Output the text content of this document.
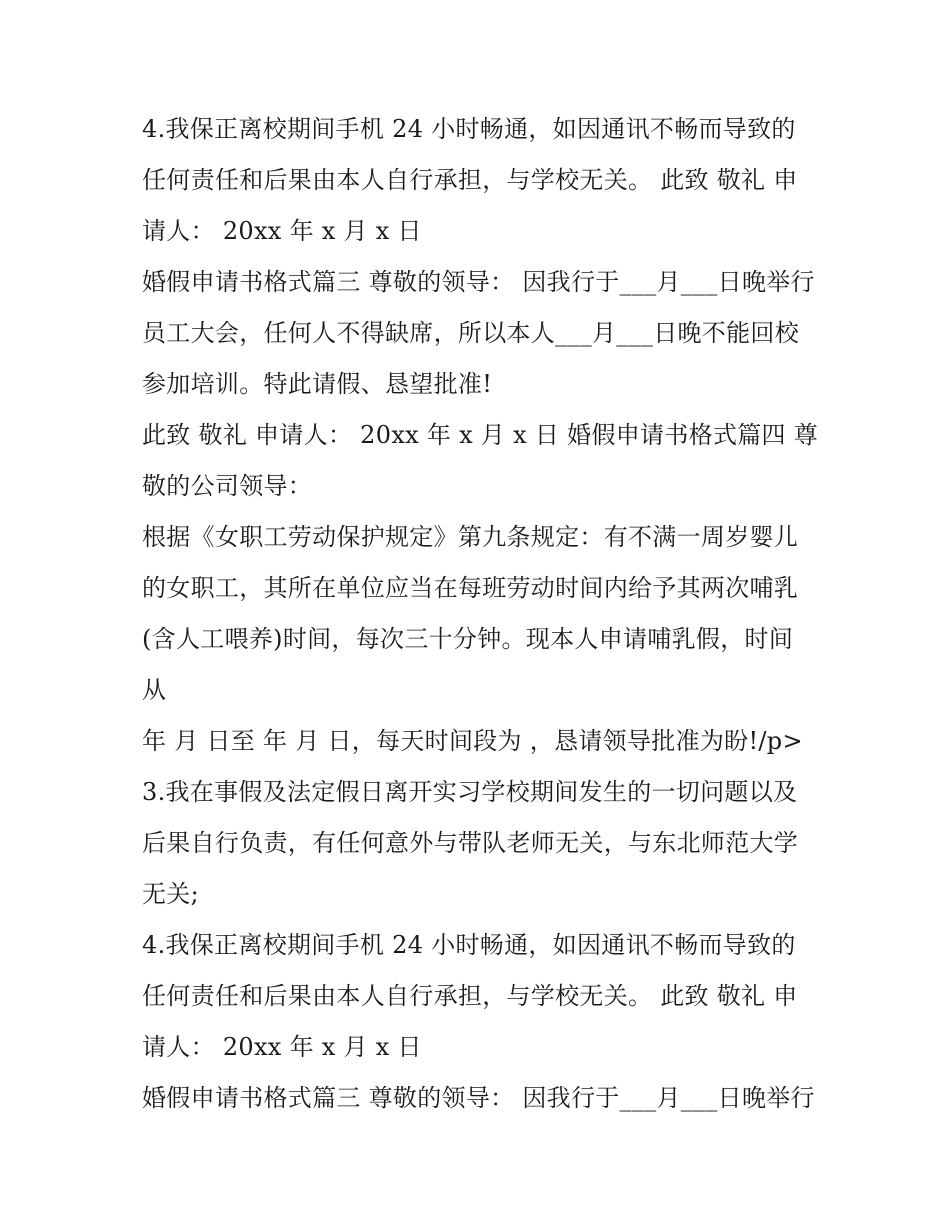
4.我保正离校期间手机 24 小时畅通，如因通讯不畅而导致的
任何责任和后果由本人自行承担，与学校无关。 此致 敬礼 申
请人： 20xx 年 x 月 x 日
婚假申请书格式篇三 尊敬的领导： 因我行于___月___日晚举行
员工大会，任何人不得缺席，所以本人___月___日晚不能回校
参加培训。特此请假、恳望批准!
此致 敬礼 申请人： 20xx 年 x 月 x 日 婚假申请书格式篇四 尊
敬的公司领导：
根据《女职工劳动保护规定》第九条规定：有不满一周岁婴儿
的女职工，其所在单位应当在每班劳动时间内给予其两次哺乳
(含人工喂养)时间，每次三十分钟。现本人申请哺乳假，时间
从
年 月 日至 年 月 日，每天时间段为 ，恳请领导批准为盼!/p>
3.我在事假及法定假日离开实习学校期间发生的一切问题以及
后果自行负责，有任何意外与带队老师无关，与东北师范大学
无关;
4.我保正离校期间手机 24 小时畅通，如因通讯不畅而导致的
任何责任和后果由本人自行承担，与学校无关。 此致 敬礼 申
请人： 20xx 年 x 月 x 日
婚假申请书格式篇三 尊敬的领导： 因我行于___月___日晚举行
